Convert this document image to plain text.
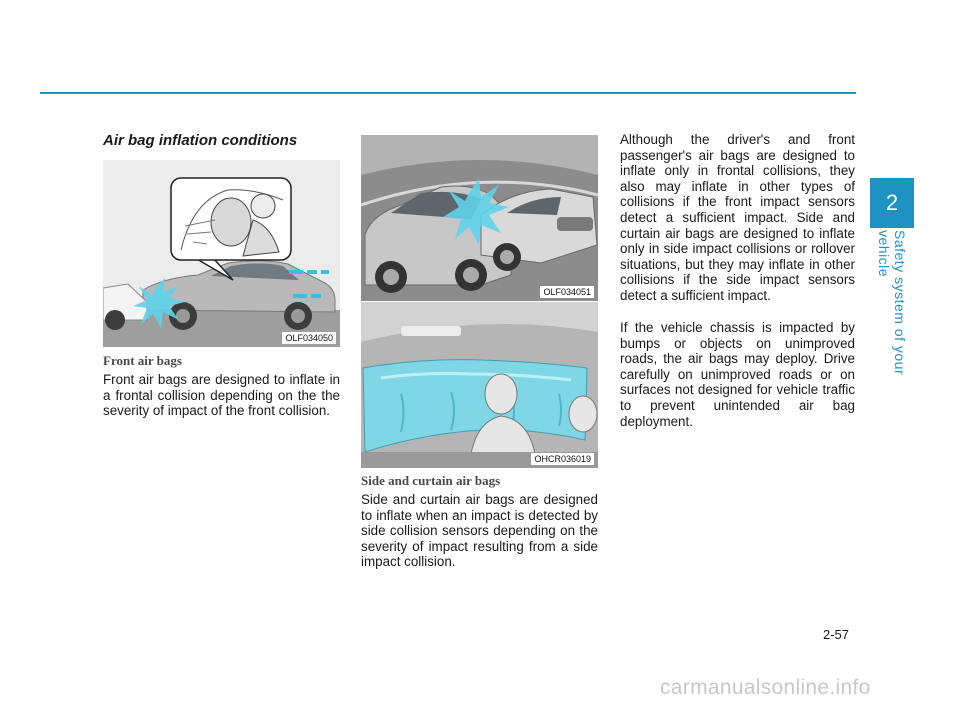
2
Safety system of your vehicle
Air bag inflation conditions
OLF034050

Front air bags

Front air bags are designed to inflate in a frontal collision depending on the the severity of impact of the front collision.

OLF034051
OHCR036019

Side and curtain air bags

Side and curtain air bags are designed to inflate when an impact is detected by side collision sensors depending on the severity of impact resulting from a side impact collision.

Although the driver's and front passenger's air bags are designed to inflate only in frontal collisions, they also may inflate in other types of collisions if the front impact sensors detect a sufficient impact. Side and curtain air bags are designed to inflate only in side impact collisions or rollover situations, but they may inflate in other collisions if the side impact sensors detect a sufficient impact.

If the vehicle chassis is impacted by bumps or objects on unimproved roads, the air bags may deploy. Drive carefully on unimproved roads or on surfaces not designed for vehicle traffic to prevent unintended air bag deployment.

2-57
carmanualsonline.info
